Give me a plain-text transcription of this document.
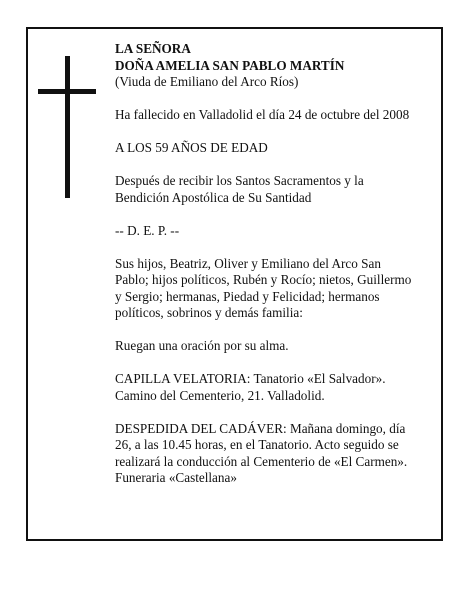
LA SEÑORA
DOÑA AMELIA SAN PABLO MARTÍN
(Viuda de Emiliano del Arco Ríos)
Ha fallecido en Valladolid el día 24 de octubre del 2008
A LOS 59 AÑOS DE EDAD
Después de recibir los Santos Sacramentos y la
Bendición Apostólica de Su Santidad
-- D. E. P. --
Sus hijos, Beatriz, Oliver y Emiliano del Arco San
Pablo; hijos políticos, Rubén y Rocío; nietos, Guillermo
y Sergio; hermanas, Piedad y Felicidad; hermanos
políticos, sobrinos y demás familia:
Ruegan una oración por su alma.
CAPILLA VELATORIA: Tanatorio «El Salvador».
Camino del Cementerio, 21. Valladolid.
DESPEDIDA DEL CADÁVER: Mañana domingo, día
26, a las 10.45 horas, en el Tanatorio. Acto seguido se
realizará la conducción al Cementerio de «El Carmen».
Funeraria «Castellana»
